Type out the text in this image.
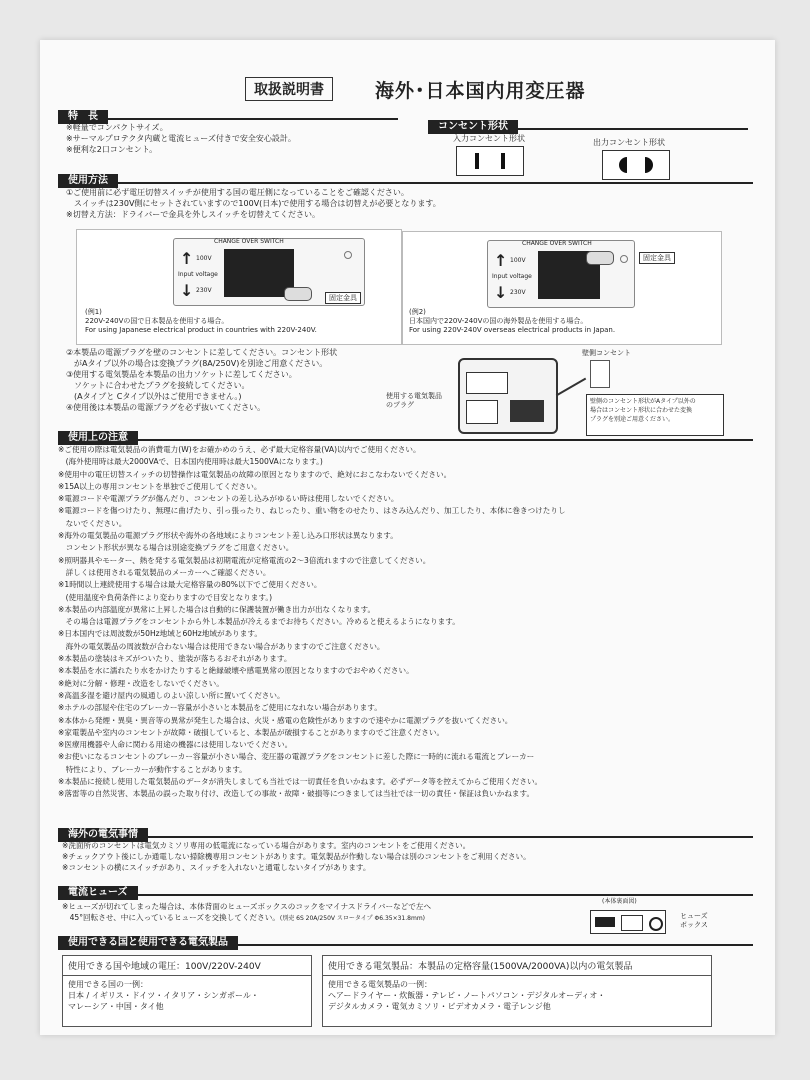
取扱説明書	海外･日本国内用変圧器
特　長
※軽量でコンパクトサイズ。
※サーマルプロテクタ内蔵と電流ヒューズ付きで安全安心設計。
※便利な2口コンセント。
コンセント形状
入力コンセント形状	出力コンセント形状
使用方法
①ご使用前に必ず電圧切替スイッチが使用する国の電圧側になっていることをご確認ください。
　スイッチは230V側にセットされていますので100V(日本)で使用する場合は切替えが必要となります。
※切替え方法：ドライバーで金具を外しスイッチを切替えてください。
CHANGE OVER SWITCH
↑ 100V
Input voltage
↓ 230V
固定金具
(例1)
220V-240Vの国で日本製品を使用する場合。
For using Japanese electrical product in countries with 220V-240V.
CHANGE OVER SWITCH
↑ 100V
Input voltage
↓ 230V
固定金具
(例2)
日本国内で220V-240Vの国の海外製品を使用する場合。
For using 220V-240V overseas electrical products in Japan.
②本製品の電源プラグを壁のコンセントに差してください。コンセント形状
　がAタイプ以外の場合は変換プラグ(8A/250V)を別途ご用意ください。
③使用する電気製品を本製品の出力ソケットに差してください。
　ソケットに合わせたプラグを接続してください。
　(Aタイプと Cタイプ以外はご使用できません。)
④使用後は本製品の電源プラグを必ず抜いてください。
使用する電気製品のプラグ
壁側コンセント
壁側のコンセント形状がAタイプ以外の
場合はコンセント形状に合わせた変換
プラグを別途ご用意ください。
使用上の注意
※ご使用の際は電気製品の消費電力(W)をお確かめのうえ、必ず最大定格容量(VA)以内でご使用ください。
　(海外使用時は最大2000VAで、日本国内使用時は最大1500VAになります。)
※使用中の電圧切替スイッチの切替操作は電気製品の故障の原因となりますので、絶対におこなわないでください。
※15A以上の専用コンセントを単独でご使用してください。
※電源コードや電源プラグが傷んだり、コンセントの差し込みがゆるい時は使用しないでください。
※電源コードを傷つけたり、無理に曲げたり、引っ張ったり、ねじったり、重い物をのせたり、はさみ込んだり、加工したり、本体に巻きつけたりし
　ないでください。
※海外の電気製品の電源プラグ形状や海外の各地域によりコンセント差し込み口形状は異なります。
　コンセント形状が異なる場合は別途変換プラグをご用意ください。
※照明器具やモーター、熱を発する電気製品は初期電流が定格電流の2～3倍流れますので注意してください。
　詳しくは使用される電気製品のメーカーへご確認ください。
※1時間以上連続使用する場合は最大定格容量の80%以下でご使用ください。
　(使用温度や負荷条件により変わりますので目安となります。)
※本製品の内部温度が異常に上昇した場合は自動的に保護装置が働き出力が出なくなります。
　その場合は電源プラグをコンセントから外し本製品が冷えるまでお待ちください。冷めると使えるようになります。
※日本国内では周波数が50Hz地域と60Hz地域があります。
　海外の電気製品の周波数が合わない場合は使用できない場合がありますのでご注意ください。
※本製品の塗装はキズがついたり、塗装が落ちるおそれがあります。
※本製品を水に濡れたり水をかけたりすると絶縁破壊や感電異常の原因となりますのでおやめください。
※絶対に分解・修理・改造をしないでください。
※高温多湿を避け屋内の風通しのよい涼しい所に置いてください。
※ホテルの部屋や住宅のブレーカー容量が小さいと本製品をご使用になれない場合があります。
※本体から発煙・異臭・異音等の異常が発生した場合は、火災・感電の危険性がありますので速やかに電源プラグを抜いてください。
※家電製品や室内のコンセントが故障・破損していると、本製品が破損することがありますのでご注意ください。
※医療用機器や人命に関わる用途の機器には使用しないでください。
※お使いになるコンセントのブレーカー容量が小さい場合、変圧器の電源プラグをコンセントに差した際に一時的に流れる電流とブレーカー
　特性により、ブレーカーが動作することがあります。
※本製品に接続し使用した電気製品のデータが消失しましても当社では一切責任を負いかねます。必ずデータ等を控えてからご使用ください。
※落雷等の自然災害、本製品の誤った取り付け、改造しての事故・故障・破損等につきましては当社では一切の責任・保証は負いかねます。
海外の電気事情
※洗面所のコンセントは電気カミソリ専用の低電流になっている場合があります。室内のコンセントをご使用ください。
※チェックアウト後にしか通電しない掃除機専用コンセントがあります。電気製品が作動しない場合は別のコンセントをご利用ください。
※コンセントの横にスイッチがあり、スイッチを入れないと通電しないタイプがあります。
電流ヒューズ
※ヒューズが切れてしまった場合は、本体背面のヒューズボックスのコックをマイナスドライバーなどで左へ
　45°回転させ、中に入っているヒューズを交換してください。(別売 6S 20A/250V スロータイプ Φ6.35×31.8mm)
(本体裏面図)
ヒューズ
ボックス
使用できる国と使用できる電気製品
使用できる国や地域の電圧：100V/220V-240V
使用できる国の一例：
日本 / イギリス・ドイツ・イタリア・シンガポール・
マレーシア・中国・タイ他
使用できる電気製品：本製品の定格容量(1500VA/2000VA)以内の電気製品
使用できる電気製品の一例：
ヘアードライヤー・炊飯器・テレビ・ノートパソコン・デジタルオーディオ・
デジタルカメラ・電気カミソリ・ビデオカメラ・電子レンジ他
